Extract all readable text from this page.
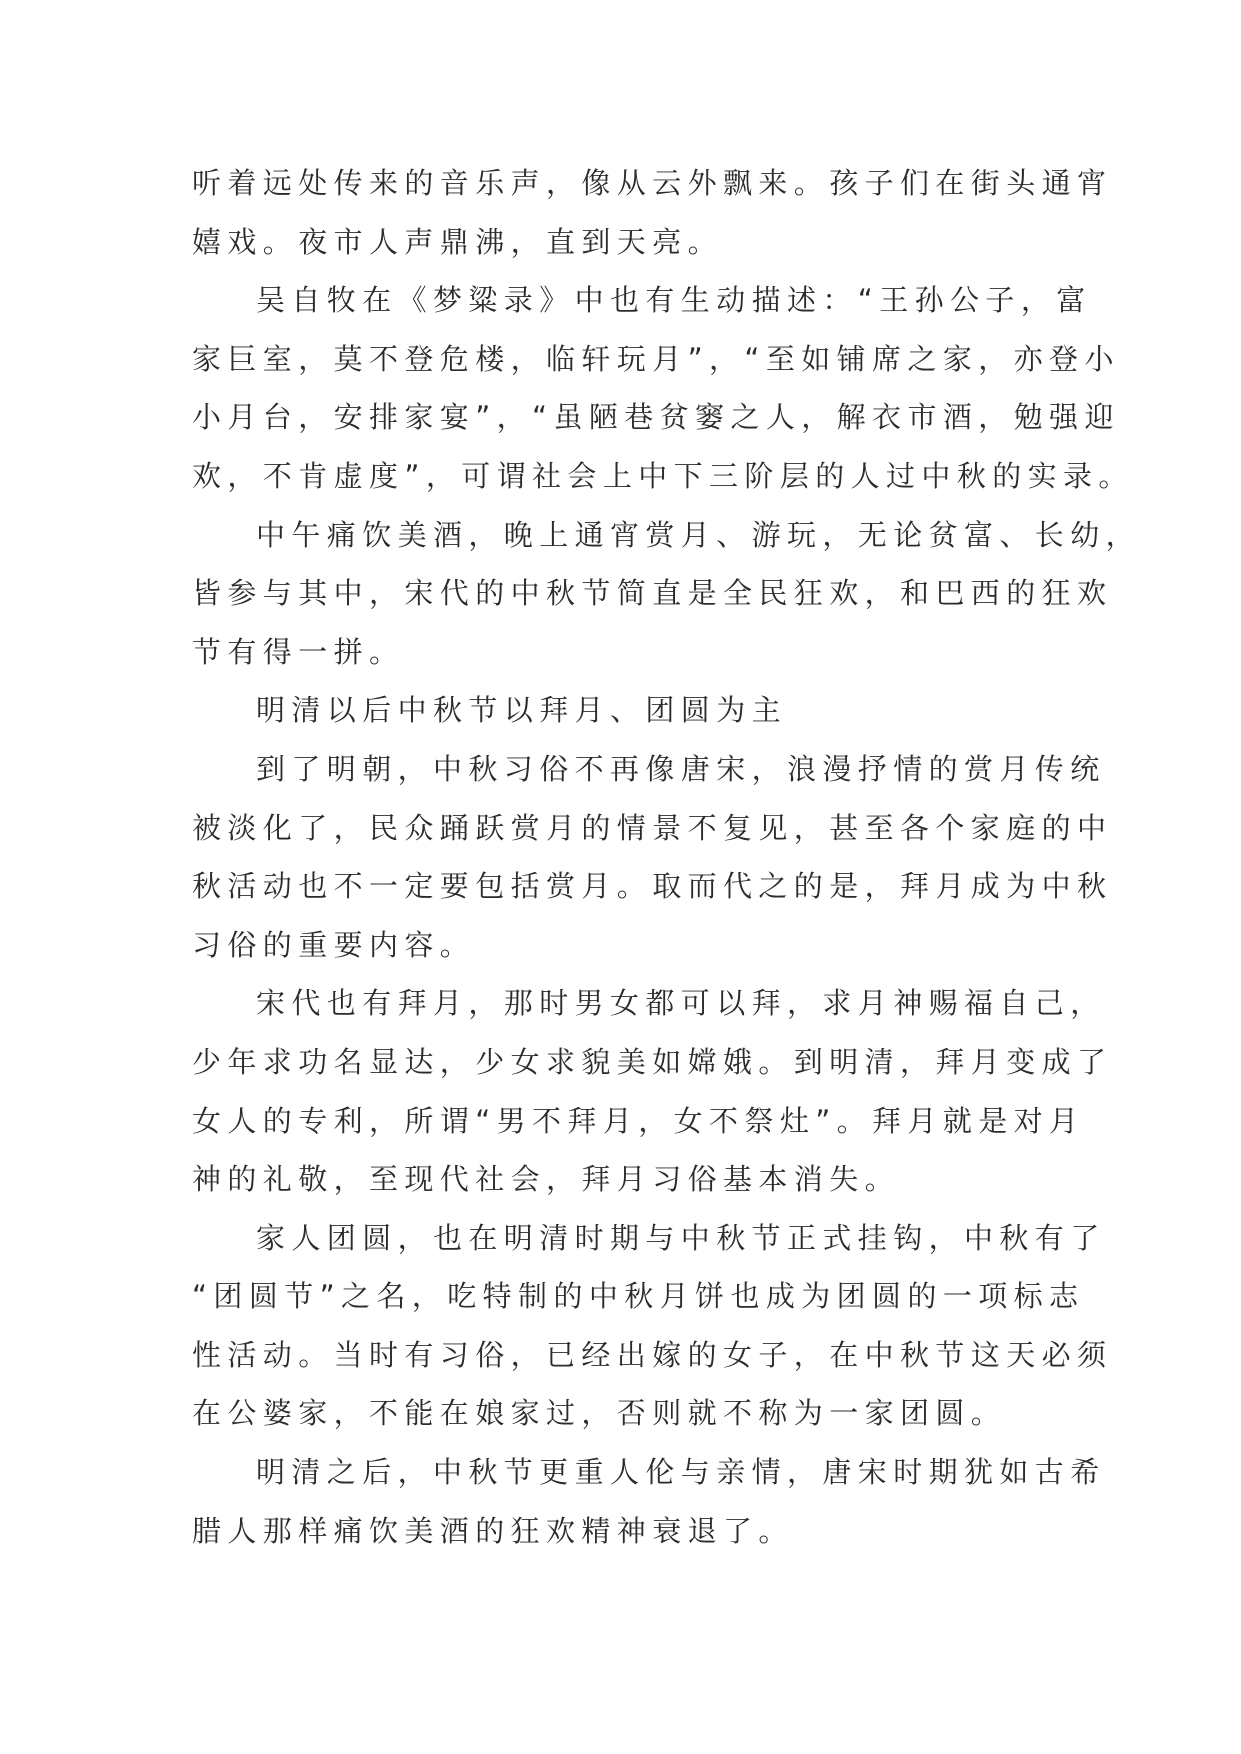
听着远处传来的音乐声，像从云外飘来。孩子们在街头通宵
嬉戏。夜市人声鼎沸，直到天亮。
吴自牧在《梦粱录》中也有生动描述：“王孙公子，富
家巨室，莫不登危楼，临轩玩月”，“至如铺席之家，亦登小
小月台，安排家宴”，“虽陋巷贫窭之人，解衣市酒，勉强迎
欢，不肯虚度”，可谓社会上中下三阶层的人过中秋的实录。
中午痛饮美酒，晚上通宵赏月、游玩，无论贫富、长幼，
皆参与其中，宋代的中秋节简直是全民狂欢，和巴西的狂欢
节有得一拼。
明清以后中秋节以拜月、团圆为主
到了明朝，中秋习俗不再像唐宋，浪漫抒情的赏月传统
被淡化了，民众踊跃赏月的情景不复见，甚至各个家庭的中
秋活动也不一定要包括赏月。取而代之的是，拜月成为中秋
习俗的重要内容。
宋代也有拜月，那时男女都可以拜，求月神赐福自己，
少年求功名显达，少女求貌美如嫦娥。到明清，拜月变成了
女人的专利，所谓“男不拜月，女不祭灶”。拜月就是对月
神的礼敬，至现代社会，拜月习俗基本消失。
家人团圆，也在明清时期与中秋节正式挂钩，中秋有了
“团圆节”之名，吃特制的中秋月饼也成为团圆的一项标志
性活动。当时有习俗，已经出嫁的女子，在中秋节这天必须
在公婆家，不能在娘家过，否则就不称为一家团圆。
明清之后，中秋节更重人伦与亲情，唐宋时期犹如古希
腊人那样痛饮美酒的狂欢精神衰退了。
